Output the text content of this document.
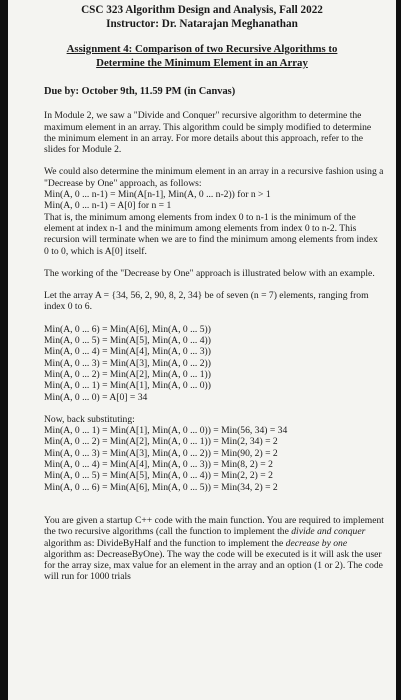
CSC 323 Algorithm Design and Analysis, Fall 2022
Instructor: Dr. Natarajan Meghanathan
Assignment 4: Comparison of two Recursive Algorithms to
Determine the Minimum Element in an Array

Due by: October 9th, 11.59 PM (in Canvas)

In Module 2, we saw a "Divide and Conquer" recursive algorithm to determine the maximum element in an array. This algorithm could be simply modified to determine the minimum element in an array. For more details about this approach, refer to the slides for Module 2.

We could also determine the minimum element in an array in a recursive fashion using a "Decrease by One" approach, as follows:

Min(A, 0 ... n-1) = Min(A[n-1], Min(A, 0 ... n-2)) for n > 1

Min(A, 0 ... n-1) = A[0] for n = 1

That is, the minimum among elements from index 0 to n-1 is the minimum of the element at index n-1 and the minimum among elements from index 0 to n-2. This recursion will terminate when we are to find the minimum among elements from index 0 to 0, which is A[0] itself.

The working of the "Decrease by One" approach is illustrated below with an example.

Let the array A = {34, 56, 2, 90, 8, 2, 34} be of seven (n = 7) elements, ranging from index 0 to 6.

Min(A, 0 ... 6) = Min(A[6], Min(A, 0 ... 5))
Min(A, 0 ... 5) = Min(A[5], Min(A, 0 ... 4))
Min(A, 0 ... 4) = Min(A[4], Min(A, 0 ... 3))
Min(A, 0 ... 3) = Min(A[3], Min(A, 0 ... 2))
Min(A, 0 ... 2) = Min(A[2], Min(A, 0 ... 1))
Min(A, 0 ... 1) = Min(A[1], Min(A, 0 ... 0))
Min(A, 0 ... 0) = A[0] = 34
Now, back substituting:
Min(A, 0 ... 1) = Min(A[1], Min(A, 0 ... 0)) = Min(56, 34) = 34
Min(A, 0 ... 2) = Min(A[2], Min(A, 0 ... 1)) = Min(2, 34) = 2
Min(A, 0 ... 3) = Min(A[3], Min(A, 0 ... 2)) = Min(90, 2) = 2
Min(A, 0 ... 4) = Min(A[4], Min(A, 0 ... 3)) = Min(8, 2) = 2
Min(A, 0 ... 5) = Min(A[5], Min(A, 0 ... 4)) = Min(2, 2) = 2
Min(A, 0 ... 6) = Min(A[6], Min(A, 0 ... 5)) = Min(34, 2) = 2

You are given a startup C++ code with the main function. You are required to implement the two recursive algorithms (call the function to implement the divide and conquer algorithm as: DivideByHalf and the function to implement the decrease by one algorithm as: DecreaseByOne). The way the code will be executed is it will ask the user for the array size, max value for an element in the array and an option (1 or 2). The code will run for 1000 trials
